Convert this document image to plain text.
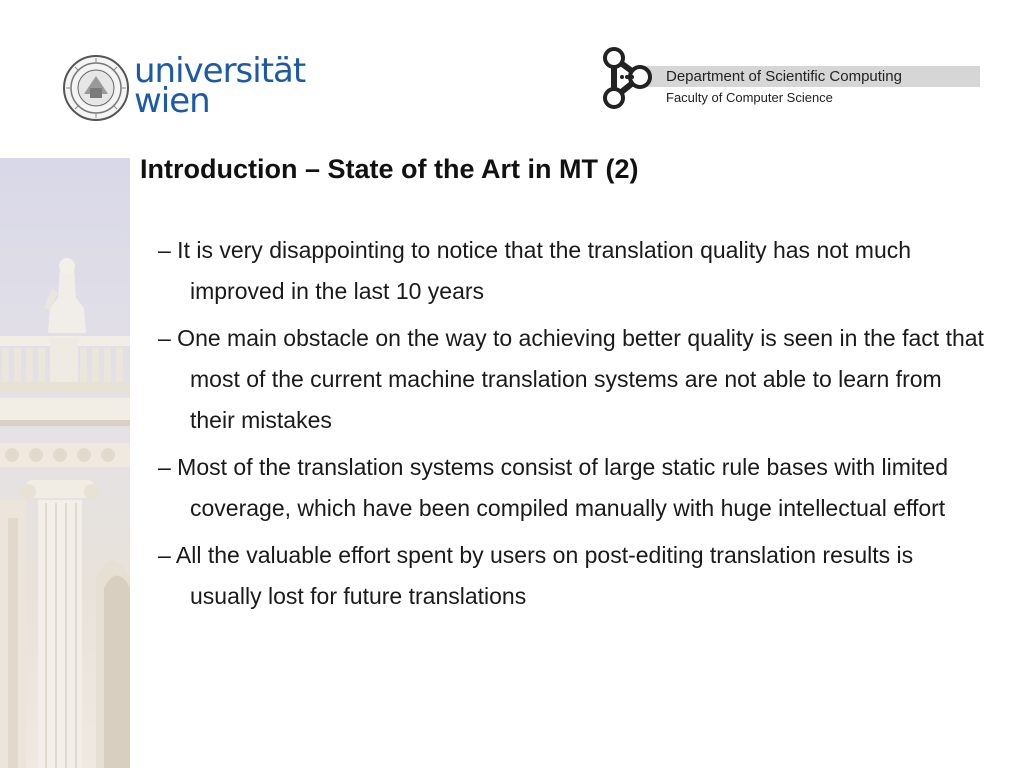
universität
wien
Department of Scientific Computing
Faculty of Computer Science
Introduction – State of the Art in MT (2)
– It is very disappointing to notice that the translation quality has not much improved in the last 10 years
– One main obstacle on the way to achieving better quality is seen in the fact that most of the current machine translation systems are not able to learn from their mistakes
– Most of the translation systems consist of large static rule bases with limited coverage, which have been compiled manually with huge intellectual effort
– All the valuable effort spent by users on post-editing translation results is usually lost for future translations
